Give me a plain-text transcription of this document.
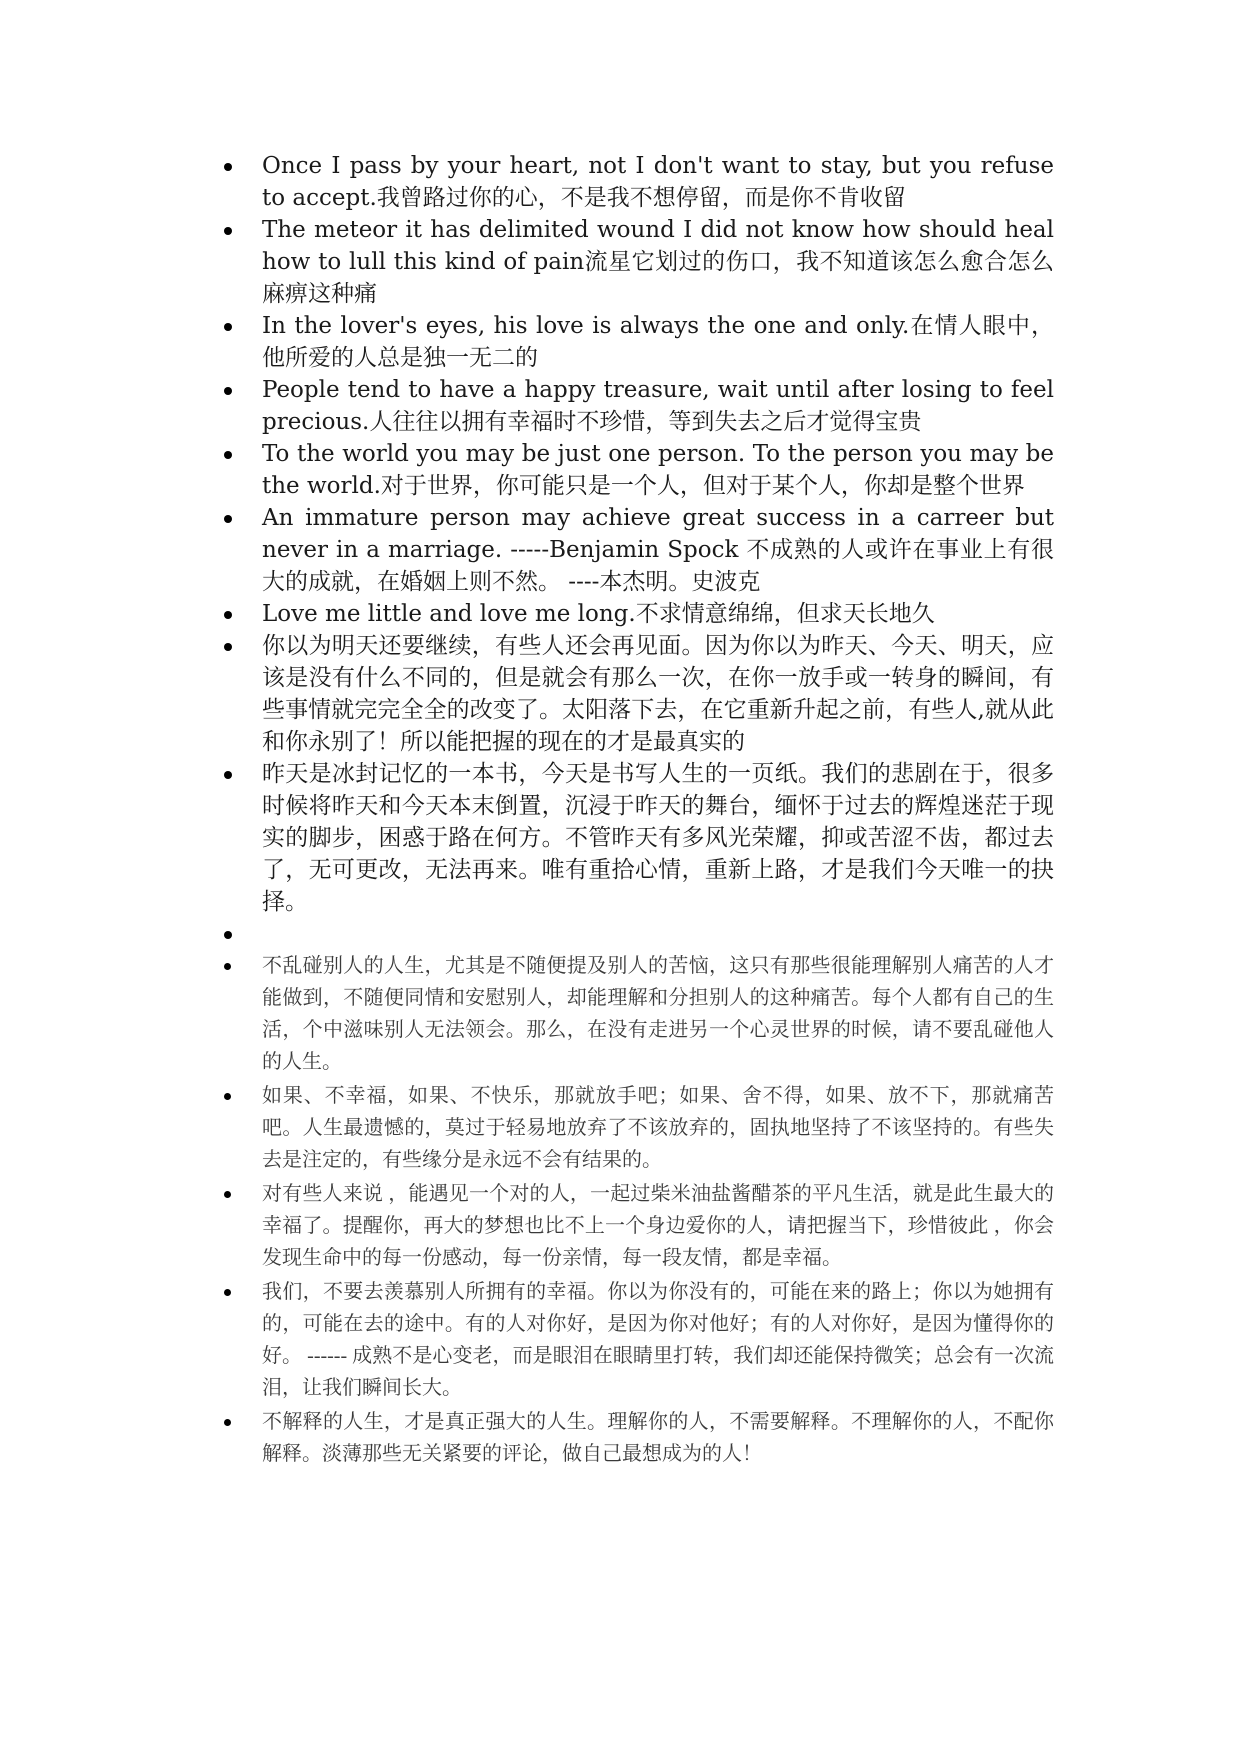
Once I pass by your heart, not I don't want to stay, but you refuse to accept.我曾路过你的心，不是我不想停留，而是你不肯收留
The meteor it has delimited wound I did not know how should heal how to lull this kind of pain流星它划过的伤口，我不知道该怎么愈合怎么麻痹这种痛
In the lover's eyes, his love is always the one and only.在情人眼中，他所爱的人总是独一无二的
People tend to have a happy treasure, wait until after losing to feel precious.人往往以拥有幸福时不珍惜，等到失去之后才觉得宝贵
To the world you may be just one person. To the person you may be the world.对于世界，你可能只是一个人，但对于某个人，你却是整个世界
An immature person may achieve great success in a carreer but never in a marriage. -----Benjamin Spock 不成熟的人或许在事业上有很大的成就，在婚姻上则不然。 ----本杰明。史波克
Love me little and love me long.不求情意绵绵，但求天长地久
你以为明天还要继续，有些人还会再见面。因为你以为昨天、今天、明天，应该是没有什么不同的，但是就会有那么一次，在你一放手或一转身的瞬间，有些事情就完完全全的改变了。太阳落下去，在它重新升起之前，有些人,就从此和你永别了！所以能把握的现在的才是最真实的
昨天是冰封记忆的一本书，今天是书写人生的一页纸。我们的悲剧在于，很多时候将昨天和今天本末倒置，沉浸于昨天的舞台，缅怀于过去的辉煌迷茫于现实的脚步，困惑于路在何方。不管昨天有多风光荣耀，抑或苦涩不齿，都过去了，无可更改，无法再来。唯有重拾心情，重新上路，才是我们今天唯一的抉择。
不乱碰别人的人生，尤其是不随便提及别人的苦恼，这只有那些很能理解别人痛苦的人才能做到，不随便同情和安慰别人，却能理解和分担别人的这种痛苦。每个人都有自己的生活，个中滋味别人无法领会。那么，在没有走进另一个心灵世界的时候，请不要乱碰他人的人生。
如果、不幸福，如果、不快乐，那就放手吧；如果、舍不得，如果、放不下，那就痛苦吧。人生最遗憾的，莫过于轻易地放弃了不该放弃的，固执地坚持了不该坚持的。有些失去是注定的，有些缘分是永远不会有结果的。
对有些人来说 ，能遇见一个对的人，一起过柴米油盐酱醋茶的平凡生活，就是此生最大的幸福了。提醒你，再大的梦想也比不上一个身边爱你的人，请把握当下，珍惜彼此 ，你会发现生命中的每一份感动，每一份亲情，每一段友情，都是幸福。
我们，不要去羡慕别人所拥有的幸福。你以为你没有的，可能在来的路上；你以为她拥有的，可能在去的途中。有的人对你好，是因为你对他好；有的人对你好，是因为懂得你的好。 ------ 成熟不是心变老，而是眼泪在眼睛里打转，我们却还能保持微笑；总会有一次流泪，让我们瞬间长大。
不解释的人生，才是真正强大的人生。理解你的人，不需要解释。不理解你的人，不配你解释。淡薄那些无关紧要的评论，做自己最想成为的人！
